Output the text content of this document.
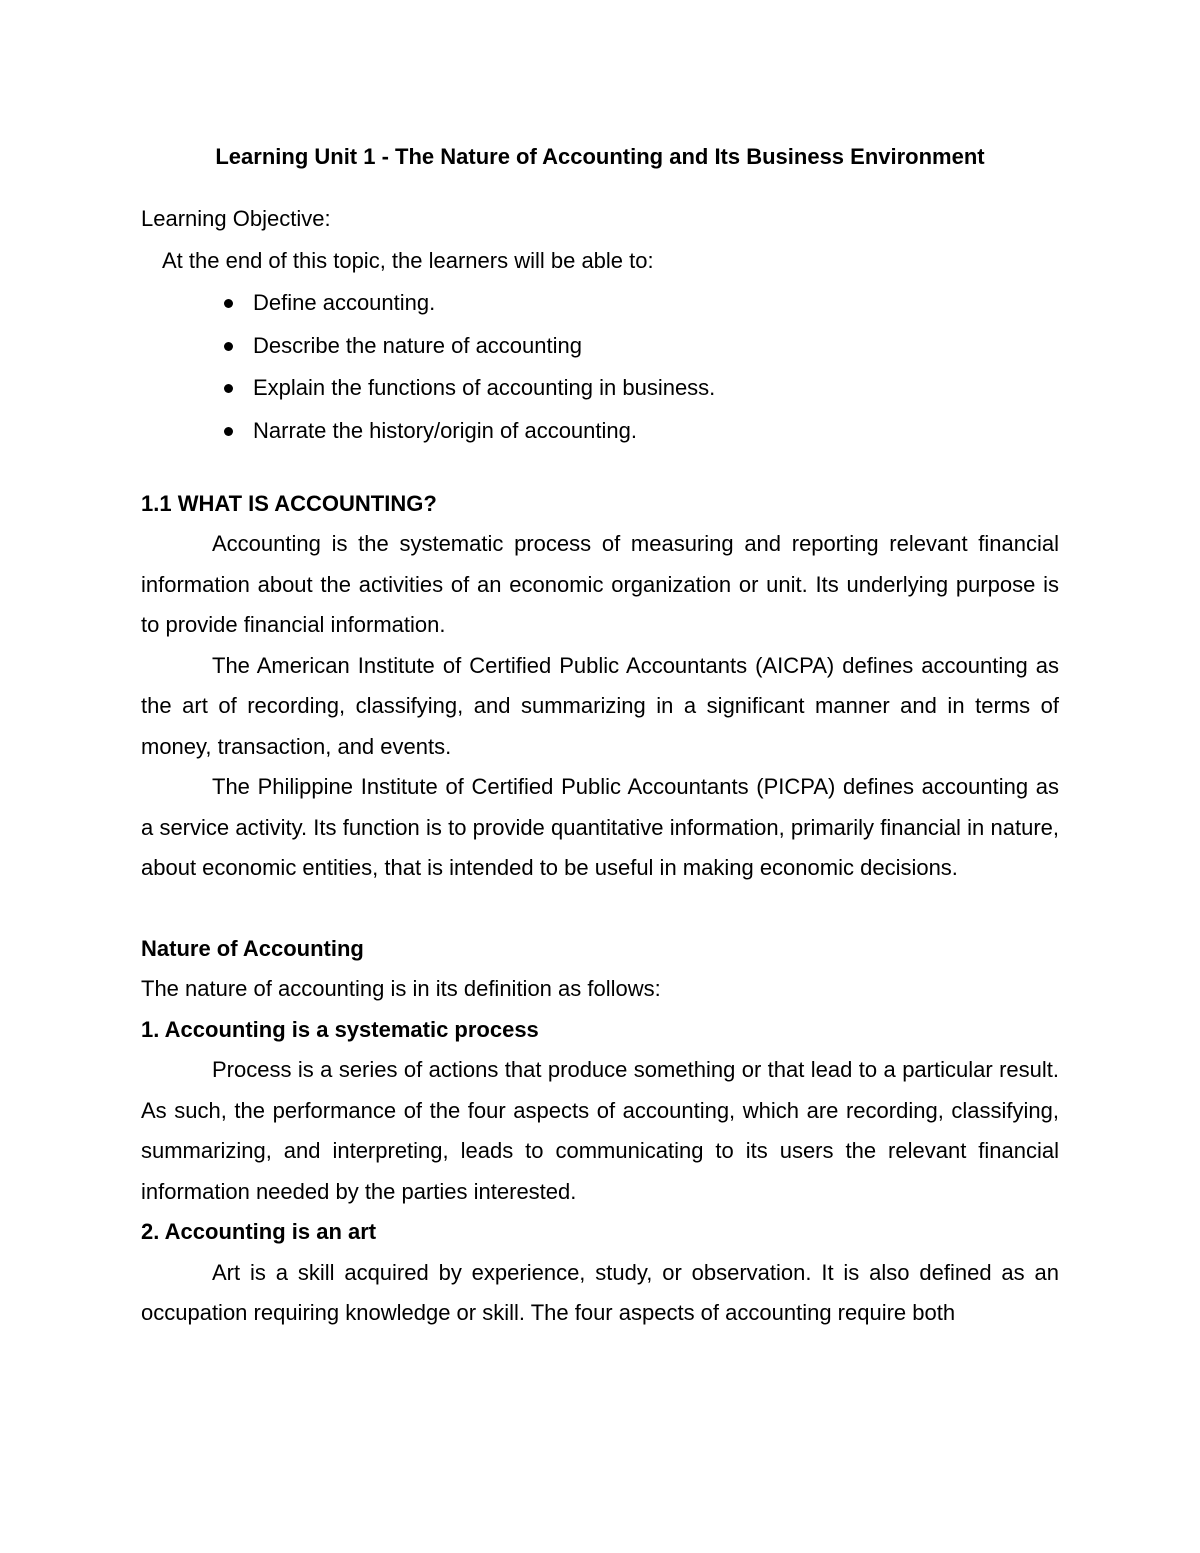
Learning Unit 1 - The Nature of Accounting and Its Business Environment

Learning Objective:

At the end of this topic, the learners will be able to:

Define accounting.
Describe the nature of accounting
Explain the functions of accounting in business.
Narrate the history/origin of accounting.
1.1 WHAT IS ACCOUNTING?

Accounting is the systematic process of measuring and reporting relevant financial information about the activities of an economic organization or unit. Its underlying purpose is to provide financial information.

The American Institute of Certified Public Accountants (AICPA) defines accounting as the art of recording, classifying, and summarizing in a significant manner and in terms of money, transaction, and events.

The Philippine Institute of Certified Public Accountants (PICPA) defines accounting as a service activity. Its function is to provide quantitative information, primarily financial in nature, about economic entities, that is intended to be useful in making economic decisions.

Nature of Accounting

The nature of accounting is in its definition as follows:

1. Accounting is a systematic process

Process is a series of actions that produce something or that lead to a particular result. As such, the performance of the four aspects of accounting, which are recording, classifying, summarizing, and interpreting, leads to communicating to its users the relevant financial information needed by the parties interested.

2. Accounting is an art

Art is a skill acquired by experience, study, or observation. It is also defined as an occupation requiring knowledge or skill. The four aspects of accounting require both
